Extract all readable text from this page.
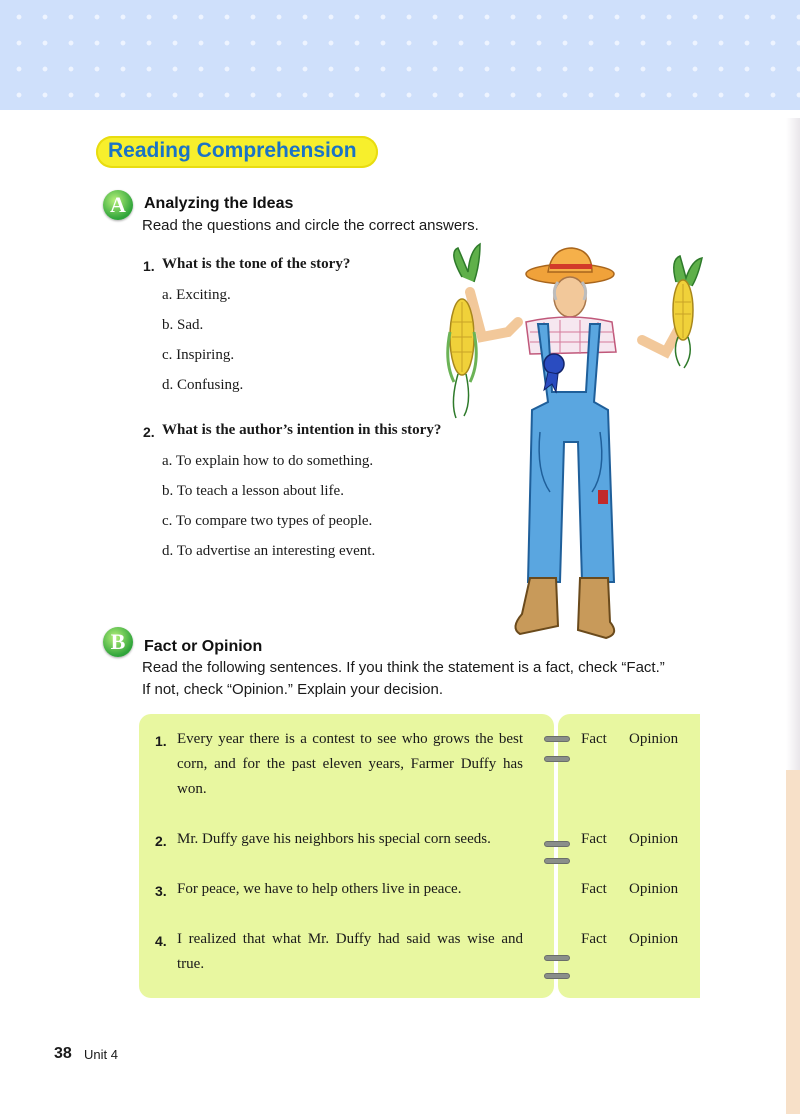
Reading Comprehension
A	Analyzing the Ideas
Read the questions and circle the correct answers.
1. What is the tone of the story?
a. Exciting.
b. Sad.
c. Inspiring.
d. Confusing.
2. What is the author’s intention in this story?
a. To explain how to do something.
b. To teach a lesson about life.
c. To compare two types of people.
d. To advertise an interesting event.
B	Fact or Opinion
Read the following sentences. If you think the statement is a fact, check “Fact.”
If not, check “Opinion.” Explain your decision.
1. Every year there is a contest to see who grows the best corn, and for the past eleven years, Farmer Duffy has won.
Fact Opinion
2. Mr. Duffy gave his neighbors his special corn seeds.	Fact Opinion
3. For peace, we have to help others live in peace.	Fact Opinion
4. I realized that what Mr. Duffy had said was wise and true.
Fact Opinion
38 Unit 4
